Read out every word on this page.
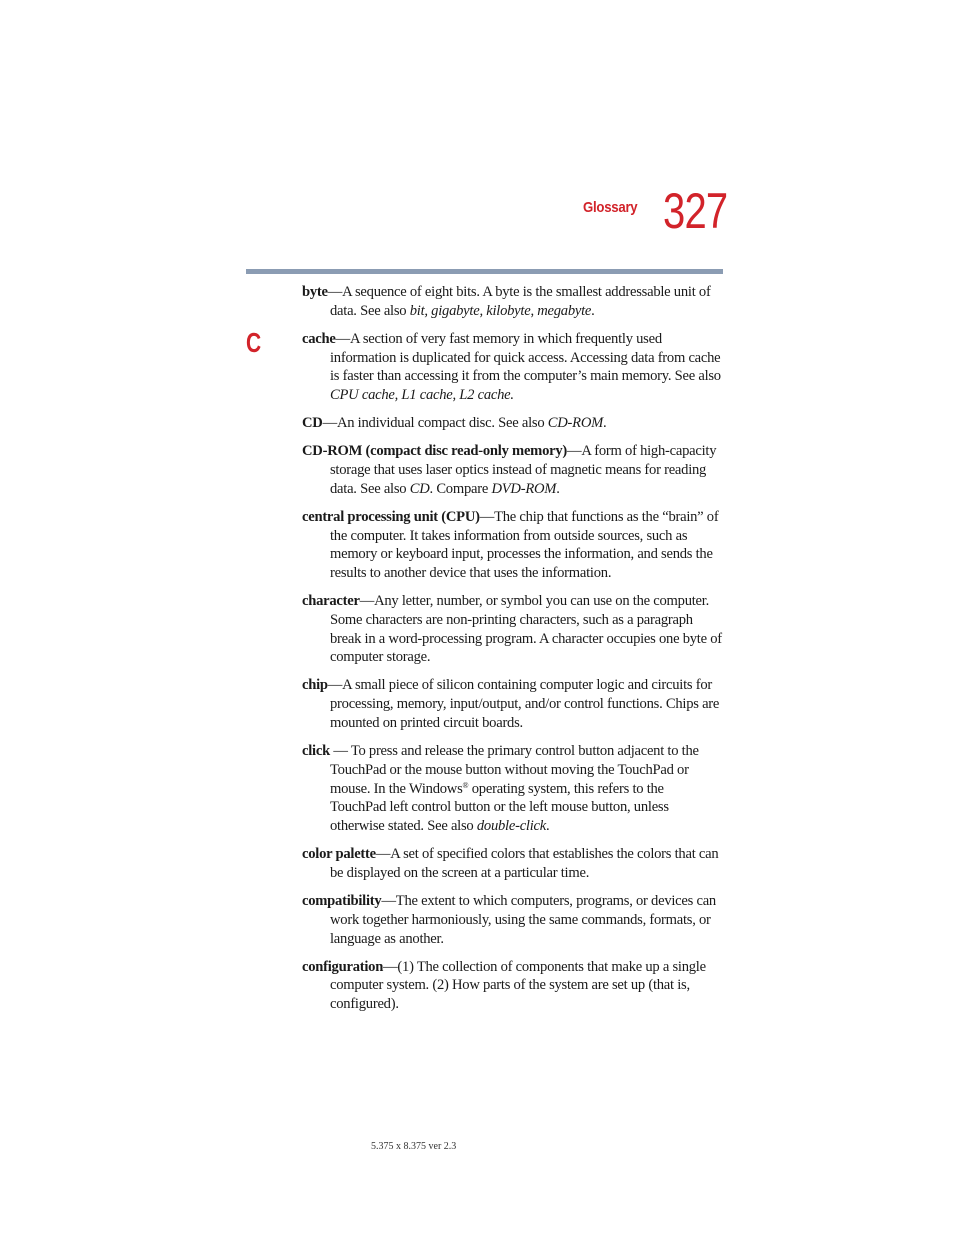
Glossary 327
C

byte—A sequence of eight bits. A byte is the smallest addressable unit of data. See also bit, gigabyte, kilobyte, megabyte.

cache—A section of very fast memory in which frequently used information is duplicated for quick access. Accessing data from cache is faster than accessing it from the computer’s main memory. See also CPU cache, L1 cache, L2 cache.

CD—An individual compact disc. See also CD-ROM.

CD-ROM (compact disc read-only memory)—A form of high-capacity storage that uses laser optics instead of magnetic means for reading data. See also CD. Compare DVD-ROM.

central processing unit (CPU)—The chip that functions as the “brain” of the computer. It takes information from outside sources, such as memory or keyboard input, processes the information, and sends the results to another device that uses the information.

character—Any letter, number, or symbol you can use on the computer. Some characters are non-printing characters, such as a paragraph break in a word-processing program. A character occupies one byte of computer storage.

chip—A small piece of silicon containing computer logic and circuits for processing, memory, input/output, and/or control functions. Chips are mounted on printed circuit boards.

click — To press and release the primary control button adjacent to the TouchPad or the mouse button without moving the TouchPad or mouse. In the Windows® operating system, this refers to the TouchPad left control button or the left mouse button, unless otherwise stated. See also double-click.

color palette—A set of specified colors that establishes the colors that can be displayed on the screen at a particular time.

compatibility—The extent to which computers, programs, or devices can work together harmoniously, using the same commands, formats, or language as another.

configuration—(1) The collection of components that make up a single computer system. (2) How parts of the system are set up (that is, configured).

5.375 x 8.375 ver 2.3
